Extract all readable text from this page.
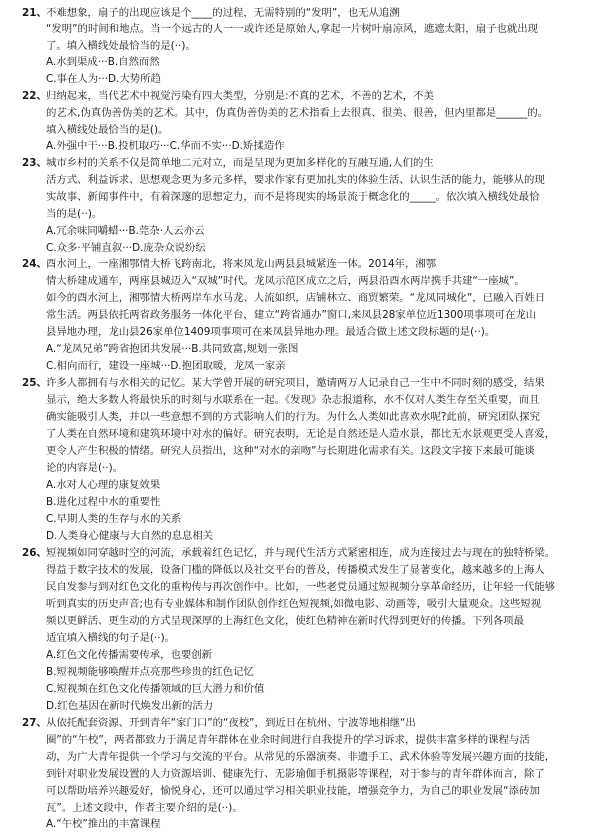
21、 不难想象，扇子的出现应该是个____的过程，无需特别的“发明”，也无从追溯
“发明”的时间和地点。当一个远古的人一一或许还是原始人,拿起一片树叶扇凉风，遮遮太阳，扇子也就出现
了。填入横线处最恰当的是(··)。
A.水到渠成···B.自然而然
C.事在人为···D.大势所趋
22、 归纳起来，当代艺术中视觉污染有四大类型，分别是:不真的艺术，不善的艺术，不美
的艺术,伪真伪善伪美的艺术。其中，伪真伪善伪美的艺术指看上去很真、很美、很善，但内里都是______的。
填入横线处最恰当的是()。
A.外强中干···B.投机取巧···C.华而不实···D.矫揉造作
23、 城市乡村的关系不仅是简单地二元对立，而是呈现为更加多样化的互融互通,人们的生
活方式、利益诉求、思想观念更为多元多样，要求作家有更加扎实的体验生活、认识生活的能力，能够从的现
实故事、新闻事件中，有着深邃的思想定力，而不是将现实的场景流于概念化的_____。依次填入横线处最恰
当的是(··)。
A.冗余味同嚼蜡···B.莞杂·人云亦云
C.众多·平铺直叙···D.庞杂众说纷纭
24、 酉水河上，一座湘鄂情大桥飞跨南北，将来凤龙山两县县城紧连一体。2014年，湘鄂
情大桥建成通车，两座县城迈入“双城”时代。龙凤示范区成立之后，两县沿酉水两岸携手共建“一座城”。
如今的酉水河上，湘鄂情大桥两岸车水马龙、人流如织，店铺林立、商贸繁荣。“龙凤同城化”，已融入百姓日
常生活。两县依托两省政务服务一体化平台，建立“跨省通办”窗口,来凤县28家单位近1300项事项可在龙山
县异地办理，龙山县26家单位1409项事项可在来凤县异地办理。最适合做上述文段标题的是(··)。
A.“龙凤兄弟”跨省抱团共发展···B.共同致富,规划一张图
C.相向而行，建设一座城···D.抱团取暖，龙凤一家亲
25、 许多人都拥有与水相关的记忆。某大学曾开展的研究项目，邀请两万人记录自己一生中不同时刻的感受，结果
显示，绝大多数人将最快乐的时刻与水联系在一起。《发现》杂志报道称，水不仅对人类生存至关重要，而且
确实能吸引人类，并以一些意想不到的方式影响人们的行为。为什么人类如此喜欢水呢?此前，研究团队探究
了人类在自然环境和建筑环境中对水的偏好。研究表明，无论是自然还是人造水景，都比无水景观更受人喜爱，
更令人产生积极的情绪。研究人员指出，这种“对水的亲吻”与长期进化需求有关。这段文字接下来最可能谈
论的内容是(··)。
A.水对人心理的康复效果
B.进化过程中水的重要性
C.早期人类的生存与水的关系
D.人类身心健康与大自然的息息相关
26、 短视频如同穿越时空的河流，承载着红色记忆，并与现代生活方式紧密相连，成为连接过去与现在的独特桥梁。
得益于数字技术的发展，设备门槛的降低以及社交平台的普及，传播模式发生了显著变化，越来越多的上海人
民自发参与到对红色文化的重构传与再次创作中。比如，一些老党员通过短视频分享革命经历，让年轻一代能够
听到真实的历史声音;也有专业媒体和制作团队创作红色短视频,如微电影、动画等，吸引大量观众。这些短视
频以更鲜活、更生动的方式呈现深厚的上海红色文化，使红色精神在新时代得到更好的传播。下列各项最
适宜填入横线的句子是(··)。
A.红色文化传播需要传承，也要创新
B.短视频能够唤醒并点亮那些珍贵的红色记忆
C.短视频在红色文化传播领域的巨大潜力和价值
D.红色基因在新时代焕发出新的活力
27、 从依托配套资源、开到青年“家门口”的“夜校”，到近日在杭州、宁波等地相继“出
圈”的“午校”，两者都致力于满足青年群体在业余时间进行自我提升的学习诉求，提供丰富多样的课程与活
动，为广大青年提供一个学习与交流的平台。从常见的乐器演奏、非遗手工、武术体验等发展兴趣方面的技能，
到针对职业发展设置的人力资源培训、健康先行、无影瑜伽手机摄影等课程，对于参与的青年群体而言，除了
可以帮助培养兴趣爱好，愉悦身心，还可以通过学习相关职业技能，增强竞争力，为自己的职业发展“添砖加
瓦”。上述文段中，作者主要介绍的是(··)。
A.“午校”推出的丰富课程
